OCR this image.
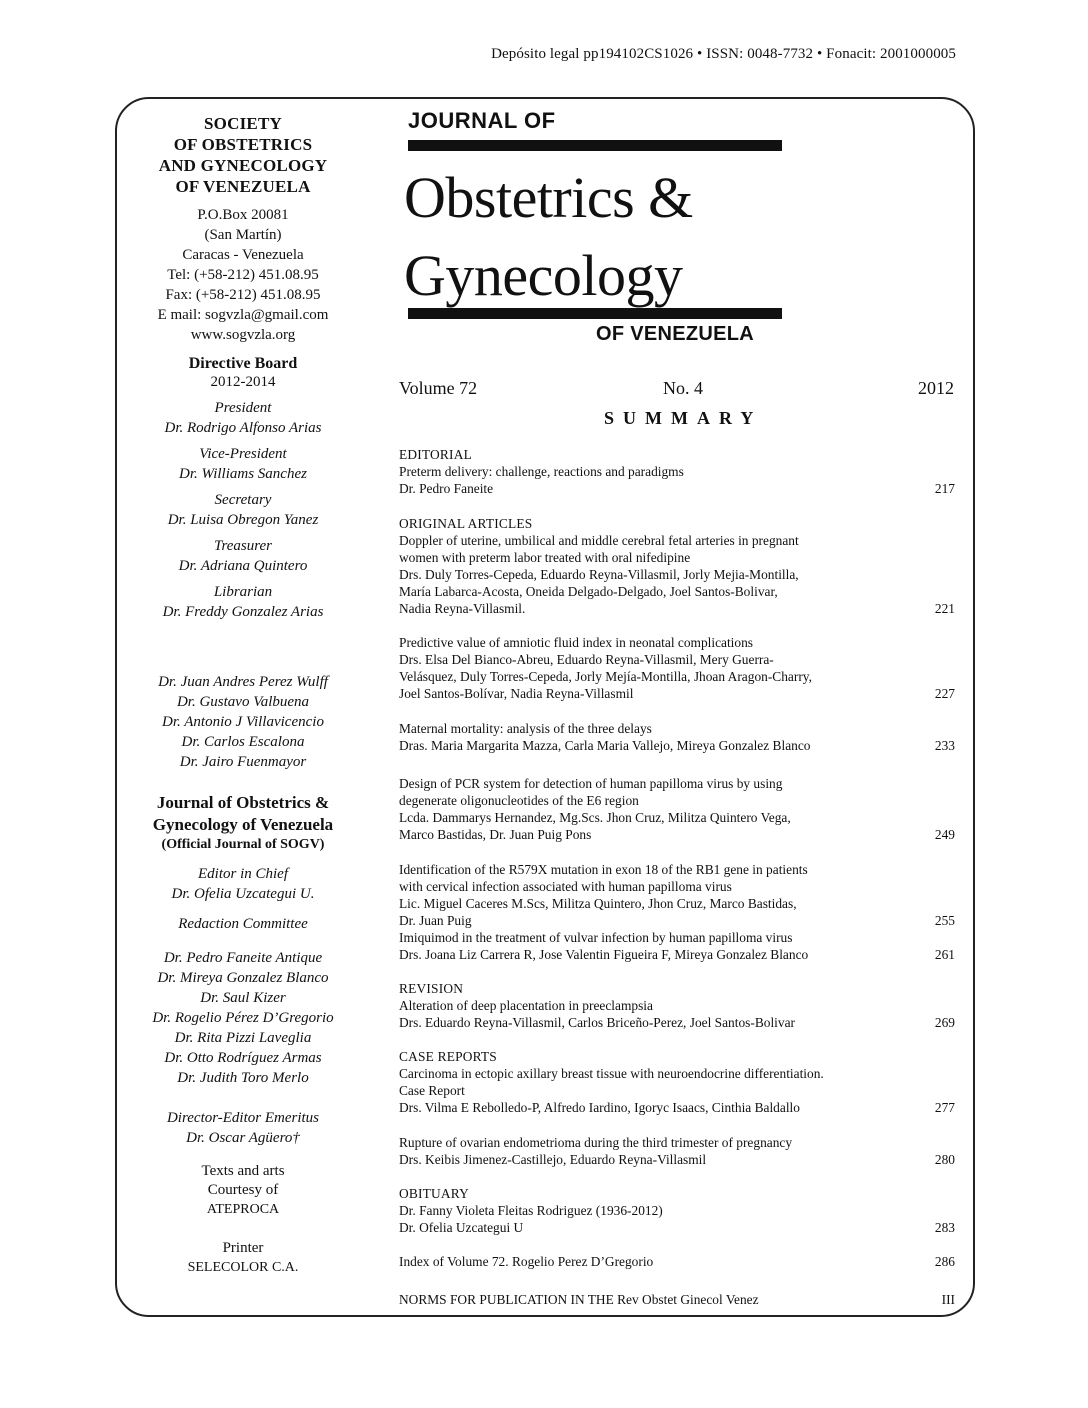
Depósito legal pp194102CS1026 • ISSN: 0048-7732 • Fonacit: 2001000005
SOCIETY
OF OBSTETRICS
AND GYNECOLOGY
OF VENEZUELA
P.O.Box 20081
(San Martín)
Caracas - Venezuela
Tel: (+58-212) 451.08.95
Fax: (+58-212) 451.08.95
E mail: sogvzla@gmail.com
www.sogvzla.org
Directive Board
2012-2014
President
Dr. Rodrigo Alfonso Arias
Vice-President
Dr. Williams Sanchez
Secretary
Dr. Luisa Obregon Yanez
Treasurer
Dr. Adriana Quintero
Librarian
Dr. Freddy Gonzalez Arias
Dr. Juan Andres Perez Wulff
Dr. Gustavo Valbuena
Dr. Antonio J Villavicencio
Dr. Carlos Escalona
Dr. Jairo Fuenmayor
Journal of Obstetrics &
Gynecology of Venezuela
(Official Journal of SOGV)
Editor in Chief
Dr. Ofelia Uzcategui U.
Redaction Committee
Dr. Pedro Faneite Antique
Dr. Mireya Gonzalez Blanco
Dr. Saul Kizer
Dr. Rogelio Pérez D’Gregorio
Dr. Rita Pizzi Laveglia
Dr. Otto Rodríguez Armas
Dr. Judith Toro Merlo
Director-Editor Emeritus
Dr. Oscar Agüero†
Texts and arts
Courtesy of
ATEPROCA
Printer
SELECOLOR C.A.
JOURNAL OF
Obstetrics &
Gynecology
OF VENEZUELA
Volume 72	No. 4	2012
SUMMARY
EDITORIAL
Preterm delivery: challenge, reactions and paradigms
Dr. Pedro Faneite	217
ORIGINAL ARTICLES
Doppler of uterine, umbilical and middle cerebral fetal arteries in pregnant
women with preterm labor treated with oral nifedipine
Drs. Duly Torres-Cepeda, Eduardo Reyna-Villasmil, Jorly Mejia-Montilla,
María Labarca-Acosta, Oneida Delgado-Delgado, Joel Santos-Bolivar,
Nadia Reyna-Villasmil.	221
Predictive value of amniotic fluid index in neonatal complications
Drs. Elsa Del Bianco-Abreu, Eduardo Reyna-Villasmil, Mery Guerra-
Velásquez, Duly Torres-Cepeda, Jorly Mejía-Montilla, Jhoan Aragon-Charry,
Joel Santos-Bolívar, Nadia Reyna-Villasmil	227
Maternal mortality: analysis of the three delays
Dras. Maria Margarita Mazza, Carla Maria Vallejo, Mireya Gonzalez Blanco	233
Design of PCR system for detection of human papilloma virus by using
degenerate oligonucleotides of the E6 region
Lcda. Dammarys Hernandez, Mg.Scs. Jhon Cruz, Militza Quintero Vega,
Marco Bastidas, Dr. Juan Puig Pons	249
Identification of the R579X mutation in exon 18 of the RB1 gene in patients
with cervical infection associated with human papilloma virus
Lic. Miguel Caceres M.Scs, Militza Quintero, Jhon Cruz, Marco Bastidas,
Dr. Juan Puig	255
Imiquimod in the treatment of vulvar infection by human papilloma virus
Drs. Joana Liz Carrera R, Jose Valentin Figueira F, Mireya Gonzalez Blanco	261
REVISION
Alteration of deep placentation in preeclampsia
Drs. Eduardo Reyna-Villasmil, Carlos Briceño-Perez, Joel Santos-Bolivar	269
CASE REPORTS
Carcinoma in ectopic axillary breast tissue with neuroendocrine differentiation.
Case Report
Drs. Vilma E Rebolledo-P, Alfredo Iardino, Igoryc Isaacs, Cinthia Baldallo	277
Rupture of ovarian endometrioma during the third trimester of pregnancy
Drs. Keibis Jimenez-Castillejo, Eduardo Reyna-Villasmil	280
OBITUARY
Dr. Fanny Violeta Fleitas Rodriguez (1936-2012)
Dr. Ofelia Uzcategui U	283
Index of Volume 72. Rogelio Perez D’Gregorio	286
NORMS FOR PUBLICATION IN THE Rev Obstet Ginecol Venez	III
